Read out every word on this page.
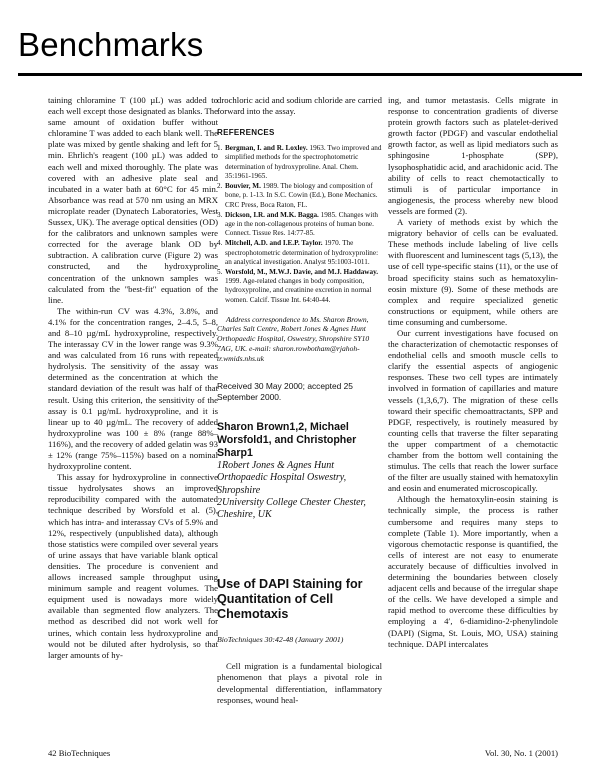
Benchmarks

taining chloramine T (100 µL) was added to each well except those designated as blanks. The same amount of oxidation buffer without chloramine T was added to each blank well. The plate was mixed by gentle shaking and left for 5 min. Ehrlich's reagent (100 µL) was added to each well and mixed thoroughly. The plate was covered with an adhesive plate seal and incubated in a water bath at 60°C for 45 min. Absorbance was read at 570 nm using an MRX microplate reader (Dynatech Laboratories, West Sussex, UK). The average optical densities (OD) for the calibrators and unknown samples were corrected for the average blank OD by subtraction. A calibration curve (Figure 2) was constructed, and the hydroxyproline concentration of the unknown samples was calculated from the "best-fit" equation of the line.

The within-run CV was 4.3%, 3.8%, and 4.1% for the concentration ranges, 2–4.5, 5–8, and 8–10 µg/mL hydroxyproline, respectively. The interassay CV in the lower range was 9.3% and was calculated from 16 runs with repeated hydrolysis. The sensitivity of the assay was determined as the concentration at which the standard deviation of the result was half of that result. Using this criterion, the sensitivity of the assay is 0.1 µg/mL hydroxyproline, and it is linear up to 40 µg/mL. The recovery of added hydroxyproline was 100 ± 8% (range 88%–116%), and the recovery of added gelatin was 93 ± 12% (range 75%–115%) based on a nominal hydroxyproline content.

This assay for hydroxyproline in connective tissue hydrolysates shows an improved reproducibility compared with the automated technique described by Worsfold et al. (5), which has intra- and interassay CVs of 5.9% and 12%, respectively (unpublished data), although those statistics were compiled over several years of urine assays that have variable blank optical densities. The procedure is convenient and allows increased sample throughput using minimum sample and reagent volumes. The equipment used is nowadays more widely available than segmented flow analyzers. The method as described did not work well for urines, which contain less hydroxyproline and would not be diluted after hydrolysis, so that larger amounts of hy-

drochloric acid and sodium chloride are carried forward into the assay.

REFERENCES

1. Bergman, I. and R. Loxley. 1963. Two improved and simplified methods for the spectrophotometric determination of hydroxyproline. Anal. Chem. 35:1961-1965.
2. Bouvier, M. 1989. The biology and composition of bone, p. 1-13. In S.C. Cowin (Ed.), Bone Mechanics. CRC Press, Boca Raton, FL.
3. Dickson, I.R. and M.K. Bagga. 1985. Changes with age in the non-collagenous proteins of human bone. Connect. Tissue Res. 14:77-85.
4. Mitchell, A.D. and I.E.P. Taylor. 1970. The spectrophotometric determination of hydroxyproline: an analytical investigation. Analyst 95:1003-1011.
5. Worsfold, M., M.W.J. Davie, and M.J. Haddaway. 1999. Age-related changes in body composition, hydroxyproline, and creatinine excretion in normal women. Calcif. Tissue Int. 64:40-44.

Address correspondence to Ms. Sharon Brown, Charles Salt Centre, Robert Jones & Agnes Hunt Orthopaedic Hospital, Oswestry, Shropshire SY10 7AG, UK. e-mail: sharon.rowbotham@rjahoh-tr.wmids.nhs.uk

Received 30 May 2000; accepted 25 September 2000.

Sharon Brown1,2, Michael Worsfold1, and Christopher Sharp1

1Robert Jones & Agnes Hunt Orthopaedic Hospital Oswestry, Shropshire

2University College Chester Chester, Cheshire, UK

Use of DAPI Staining for Quantitation of Cell Chemotaxis

BioTechniques 30:42-48 (January 2001)

Cell migration is a fundamental biological phenomenon that plays a pivotal role in developmental differentiation, inflammatory responses, wound heal-

ing, and tumor metastasis. Cells migrate in response to concentration gradients of diverse protein growth factors such as platelet-derived growth factor (PDGF) and vascular endothelial growth factor, as well as lipid mediators such as sphingosine 1-phosphate (SPP), lysophosphatidic acid, and arachidonic acid. The ability of cells to react chemotactically to stimuli is of particular importance in angiogenesis, the process whereby new blood vessels are formed (2).

A variety of methods exist by which the migratory behavior of cells can be evaluated. These methods include labeling of live cells with fluorescent and luminescent tags (5,13), the use of cell type-specific stains (11), or the use of broad specificity stains such as hematoxylin-eosin mixture (9). Some of these methods are complex and require specialized genetic constructions or equipment, while others are time consuming and cumbersome.

Our current investigations have focused on the characterization of chemotactic responses of endothelial cells and smooth muscle cells to clarify the essential aspects of angiogenic responses. These two cell types are intimately involved in formation of capillaries and mature vessels (1,3,6,7). The migration of these cells toward their specific chemoattractants, SPP and PDGF, respectively, is routinely measured by counting cells that traverse the filter separating the upper compartment of a chemotactic chamber from the bottom well containing the stimulus. The cells that reach the lower surface of the filter are usually stained with hematoxylin and eosin and enumerated microscopically.

Although the hematoxylin-eosin staining is technically simple, the process is rather cumbersome and requires many steps to complete (Table 1). More importantly, when a vigorous chemotactic response is quantified, the cells of interest are not easy to enumerate accurately because of difficulties involved in determining the boundaries between closely adjacent cells and because of the irregular shape of the cells. We have developed a simple and rapid method to overcome these difficulties by employing a 4′, 6-diamidino-2-phenylindole (DAPI) (Sigma, St. Louis, MO, USA) staining technique. DAPI intercalates

42 BioTechniques	Vol. 30, No. 1 (2001)
